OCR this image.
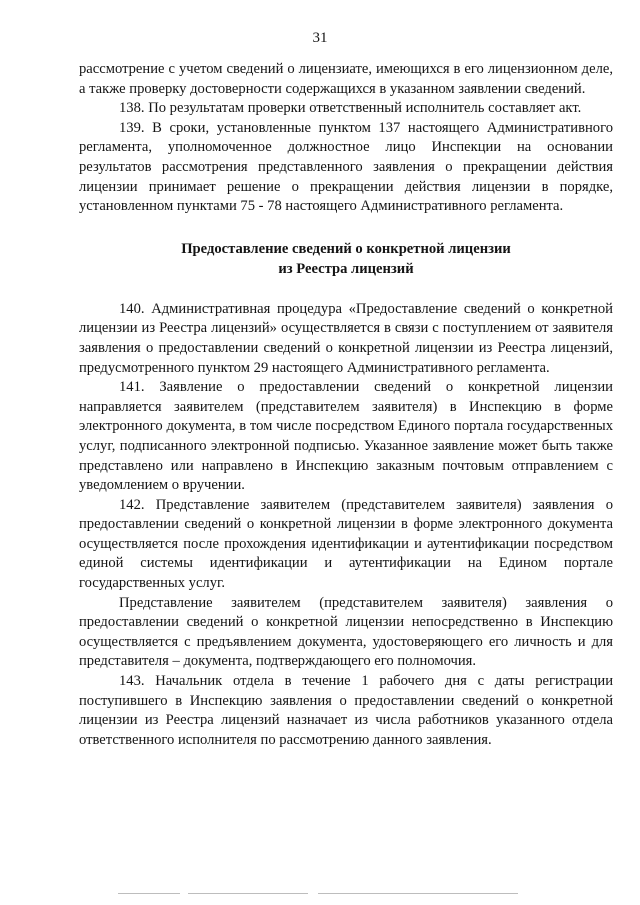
31

рассмотрение с учетом сведений о лицензиате, имеющихся в его лицензионном деле, а также проверку достоверности содержащихся в указанном заявлении сведений.

138. По результатам проверки ответственный исполнитель составляет акт.

139. В сроки, установленные пунктом 137 настоящего Административного регламента, уполномоченное должностное лицо Инспекции на основании результатов рассмотрения представленного заявления о прекращении действия лицензии принимает решение о прекращении действия лицензии в порядке, установленном пунктами 75 - 78 настоящего Административного регламента.

Предоставление сведений о конкретной лицензии
из Реестра лицензий

140. Административная процедура «Предоставление сведений о конкретной лицензии из Реестра лицензий» осуществляется в связи с поступлением от заявителя заявления о предоставлении сведений о конкретной лицензии из Реестра лицензий, предусмотренного пунктом 29 настоящего Административного регламента.

141. Заявление о предоставлении сведений о конкретной лицензии направляется заявителем (представителем заявителя) в Инспекцию в форме электронного документа, в том числе посредством Единого портала государственных услуг, подписанного электронной подписью. Указанное заявление может быть также представлено или направлено в Инспекцию заказным почтовым отправлением с уведомлением о вручении.

142. Представление заявителем (представителем заявителя) заявления о предоставлении сведений о конкретной лицензии в форме электронного документа осуществляется после прохождения идентификации и аутентификации посредством единой системы идентификации и аутентификации на Едином портале государственных услуг.

Представление заявителем (представителем заявителя) заявления о предоставлении сведений о конкретной лицензии непосредственно в Инспекцию осуществляется с предъявлением документа, удостоверяющего его личность и для представителя – документа, подтверждающего его полномочия.

143. Начальник отдела в течение 1 рабочего дня с даты регистрации поступившего в Инспекцию заявления о предоставлении сведений о конкретной лицензии из Реестра лицензий назначает из числа работников указанного отдела ответственного исполнителя по рассмотрению данного заявления.
